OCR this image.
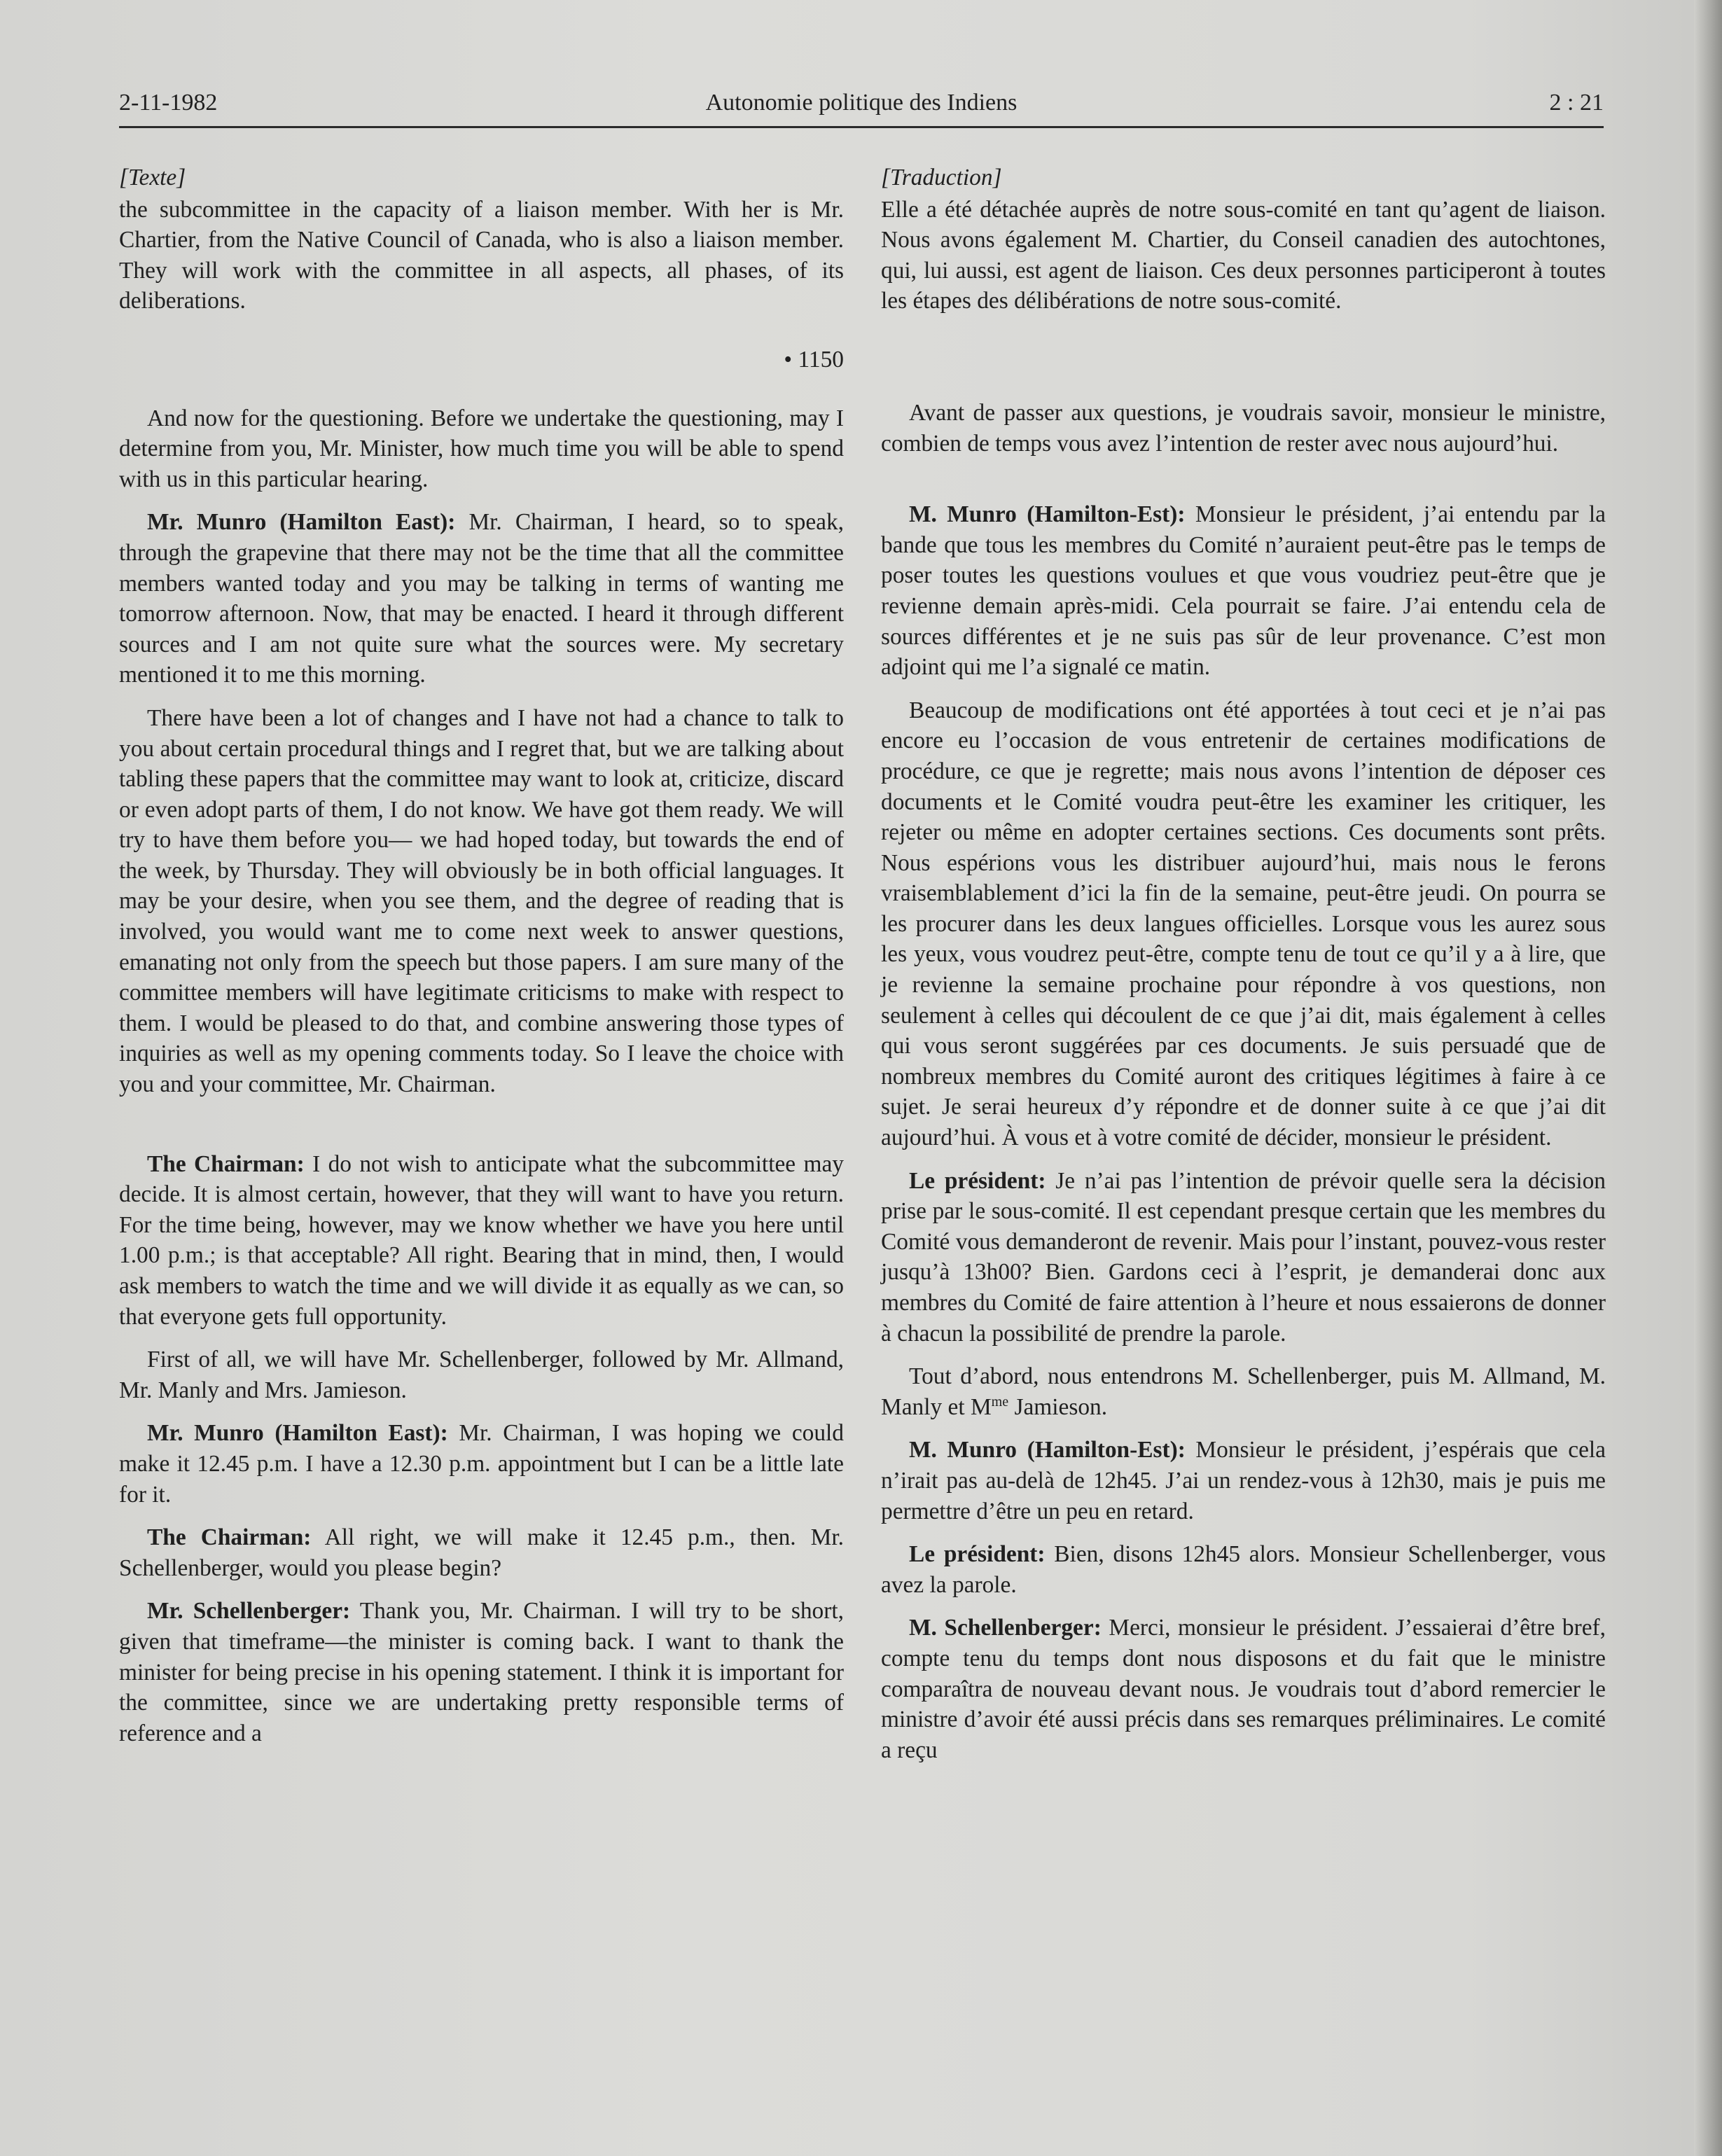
2-11-1982	Autonomie politique des Indiens	2 : 21
[Texte]

the subcommittee in the capacity of a liaison member. With her is Mr. Chartier, from the Native Council of Canada, who is also a liaison member. They will work with the committee in all aspects, all phases, of its deliberations.

• 1150

And now for the questioning. Before we undertake the questioning, may I determine from you, Mr. Minister, how much time you will be able to spend with us in this particular hearing.

Mr. Munro (Hamilton East): Mr. Chairman, I heard, so to speak, through the grapevine that there may not be the time that all the committee members wanted today and you may be talking in terms of wanting me tomorrow afternoon. Now, that may be enacted. I heard it through different sources and I am not quite sure what the sources were. My secretary mentioned it to me this morning.

There have been a lot of changes and I have not had a chance to talk to you about certain procedural things and I regret that, but we are talking about tabling these papers that the committee may want to look at, criticize, discard or even adopt parts of them, I do not know. We have got them ready. We will try to have them before you— we had hoped today, but towards the end of the week, by Thursday. They will obviously be in both official languages. It may be your desire, when you see them, and the degree of reading that is involved, you would want me to come next week to answer questions, emanating not only from the speech but those papers. I am sure many of the committee members will have legitimate criticisms to make with respect to them. I would be pleased to do that, and combine answering those types of inquiries as well as my opening comments today. So I leave the choice with you and your committee, Mr. Chairman.

The Chairman: I do not wish to anticipate what the subcommittee may decide. It is almost certain, however, that they will want to have you return. For the time being, however, may we know whether we have you here until 1.00 p.m.; is that acceptable? All right. Bearing that in mind, then, I would ask members to watch the time and we will divide it as equally as we can, so that everyone gets full opportunity.

First of all, we will have Mr. Schellenberger, followed by Mr. Allmand, Mr. Manly and Mrs. Jamieson.

Mr. Munro (Hamilton East): Mr. Chairman, I was hoping we could make it 12.45 p.m. I have a 12.30 p.m. appointment but I can be a little late for it.

The Chairman: All right, we will make it 12.45 p.m., then. Mr. Schellenberger, would you please begin?

Mr. Schellenberger: Thank you, Mr. Chairman. I will try to be short, given that timeframe—the minister is coming back. I want to thank the minister for being precise in his opening statement. I think it is important for the committee, since we are undertaking pretty responsible terms of reference and a

[Traduction]

Elle a été détachée auprès de notre sous-comité en tant qu’agent de liaison. Nous avons également M. Chartier, du Conseil canadien des autochtones, qui, lui aussi, est agent de liaison. Ces deux personnes participeront à toutes les étapes des délibérations de notre sous-comité.

Avant de passer aux questions, je voudrais savoir, monsieur le ministre, combien de temps vous avez l’intention de rester avec nous aujourd’hui.

M. Munro (Hamilton-Est): Monsieur le président, j’ai entendu par la bande que tous les membres du Comité n’auraient peut-être pas le temps de poser toutes les questions voulues et que vous voudriez peut-être que je revienne demain après-midi. Cela pourrait se faire. J’ai entendu cela de sources différentes et je ne suis pas sûr de leur provenance. C’est mon adjoint qui me l’a signalé ce matin.

Beaucoup de modifications ont été apportées à tout ceci et je n’ai pas encore eu l’occasion de vous entretenir de certaines modifications de procédure, ce que je regrette; mais nous avons l’intention de déposer ces documents et le Comité voudra peut-être les examiner les critiquer, les rejeter ou même en adopter certaines sections. Ces documents sont prêts. Nous espérions vous les distribuer aujourd’hui, mais nous le ferons vraisemblablement d’ici la fin de la semaine, peut-être jeudi. On pourra se les procurer dans les deux langues officielles. Lorsque vous les aurez sous les yeux, vous voudrez peut-être, compte tenu de tout ce qu’il y a à lire, que je revienne la semaine prochaine pour répondre à vos questions, non seulement à celles qui découlent de ce que j’ai dit, mais également à celles qui vous seront suggérées par ces documents. Je suis persuadé que de nombreux membres du Comité auront des critiques légitimes à faire à ce sujet. Je serai heureux d’y répondre et de donner suite à ce que j’ai dit aujourd’hui. À vous et à votre comité de décider, monsieur le président.

Le président: Je n’ai pas l’intention de prévoir quelle sera la décision prise par le sous-comité. Il est cependant presque certain que les membres du Comité vous demanderont de revenir. Mais pour l’instant, pouvez-vous rester jusqu’à 13h00? Bien. Gardons ceci à l’esprit, je demanderai donc aux membres du Comité de faire attention à l’heure et nous essaierons de donner à chacun la possibilité de prendre la parole.

Tout d’abord, nous entendrons M. Schellenberger, puis M. Allmand, M. Manly et $M^{me}$ Jamieson.

M. Munro (Hamilton-Est): Monsieur le président, j’espérais que cela n’irait pas au-delà de 12h45. J’ai un rendez-vous à 12h30, mais je puis me permettre d’être un peu en retard.

Le président: Bien, disons 12h45 alors. Monsieur Schellenberger, vous avez la parole.

M. Schellenberger: Merci, monsieur le président. J’essaierai d’être bref, compte tenu du temps dont nous disposons et du fait que le ministre comparaîtra de nouveau devant nous. Je voudrais tout d’abord remercier le ministre d’avoir été aussi précis dans ses remarques préliminaires. Le comité a reçu
